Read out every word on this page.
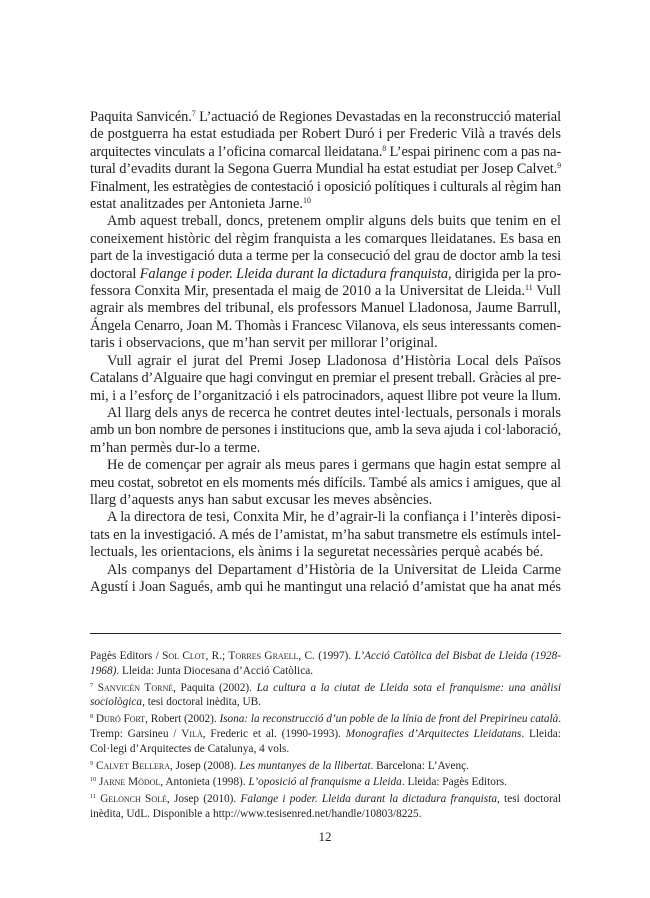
Paquita Sanvicén.$^7$ L’actuació de Regiones Devastadas en la reconstrucció material
de postguerra ha estat estudiada per Robert Duró i per Frederic Vilà a través dels
arquitectes vinculats a l’oficina comarcal lleidatana.$^8$ L’espai pirinenc com a pas na-
tural d’evadits durant la Segona Guerra Mundial ha estat estudiat per Josep Calvet.$^9$
Finalment, les estratègies de contestació i oposició polítiques i culturals al règim han
estat analitzades per Antonieta Jarne.$^{10}$
Amb aquest treball, doncs, pretenem omplir alguns dels buits que tenim en el
coneixement històric del règim franquista a les comarques lleidatanes. Es basa en
part de la investigació duta a terme per la consecució del grau de doctor amb la tesi
doctoral Falange i poder. Lleida durant la dictadura franquista, dirigida per la pro-
fessora Conxita Mir, presentada el maig de 2010 a la Universitat de Lleida.$^{11}$ Vull
agrair als membres del tribunal, els professors Manuel Lladonosa, Jaume Barrull,
Ángela Cenarro, Joan M. Thomàs i Francesc Vilanova, els seus interessants comen-
taris i observacions, que m’han servit per millorar l’original.
Vull agrair el jurat del Premi Josep Lladonosa d’Història Local dels Països
Catalans d’Alguaire que hagi convingut en premiar el present treball. Gràcies al pre-
mi, i a l’esforç de l’organització i els patrocinadors, aquest llibre pot veure la llum.
Al llarg dels anys de recerca he contret deutes intel·lectuals, personals i morals
amb un bon nombre de persones i institucions que, amb la seva ajuda i col·laboració,
m’han permès dur-lo a terme.
He de començar per agrair als meus pares i germans que hagin estat sempre al
meu costat, sobretot en els moments més difícils. També als amics i amigues, que al
llarg d’aquests anys han sabut excusar les meves absències.
A la directora de tesi, Conxita Mir, he d’agrair-li la confiança i l’interès diposi-
tats en la investigació. A més de l’amistat, m’ha sabut transmetre els estímuls intel-
lectuals, les orientacions, els ànims i la seguretat necessàries perquè acabés bé.
Als companys del Departament d’Història de la Universitat de Lleida Carme
Agustí i Joan Sagués, amb qui he mantingut una relació d’amistat que ha anat més
Pagès Editors / Sol Clot, R.; Torres Graell, C. (1997). L’Acció Catòlica del Bisbat de Lleida (1928-
1968). Lleida: Junta Diocesana d’Acció Catòlica.
$^7$ Sanvicén Torné, Paquita (2002). La cultura a la ciutat de Lleida sota el franquisme: una anàlisi
sociològica, tesi doctoral inèdita, UB.
$^8$ Duró Fort, Robert (2002). Isona: la reconstrucció d’un poble de la línia de front del Prepirineu català.
Tremp: Garsineu / Vilà, Frederic et al. (1990-1993). Monografies d’Arquitectes Lleidatans. Lleida:
Col·legi d’Arquitectes de Catalunya, 4 vols.
$^9$ Calvet Bellera, Josep (2008). Les muntanyes de la llibertat. Barcelona: L’Avenç.
$^{10}$ Jarne Mòdol, Antonieta (1998). L’oposició al franquisme a Lleida. Lleida: Pagès Editors.
$^{11}$ Gelonch Solé, Josep (2010). Falange i poder. Lleida durant la dictadura franquista, tesi doctoral
inèdita, UdL. Disponible a http://www.tesisenred.net/handle/10803/8225.
12
